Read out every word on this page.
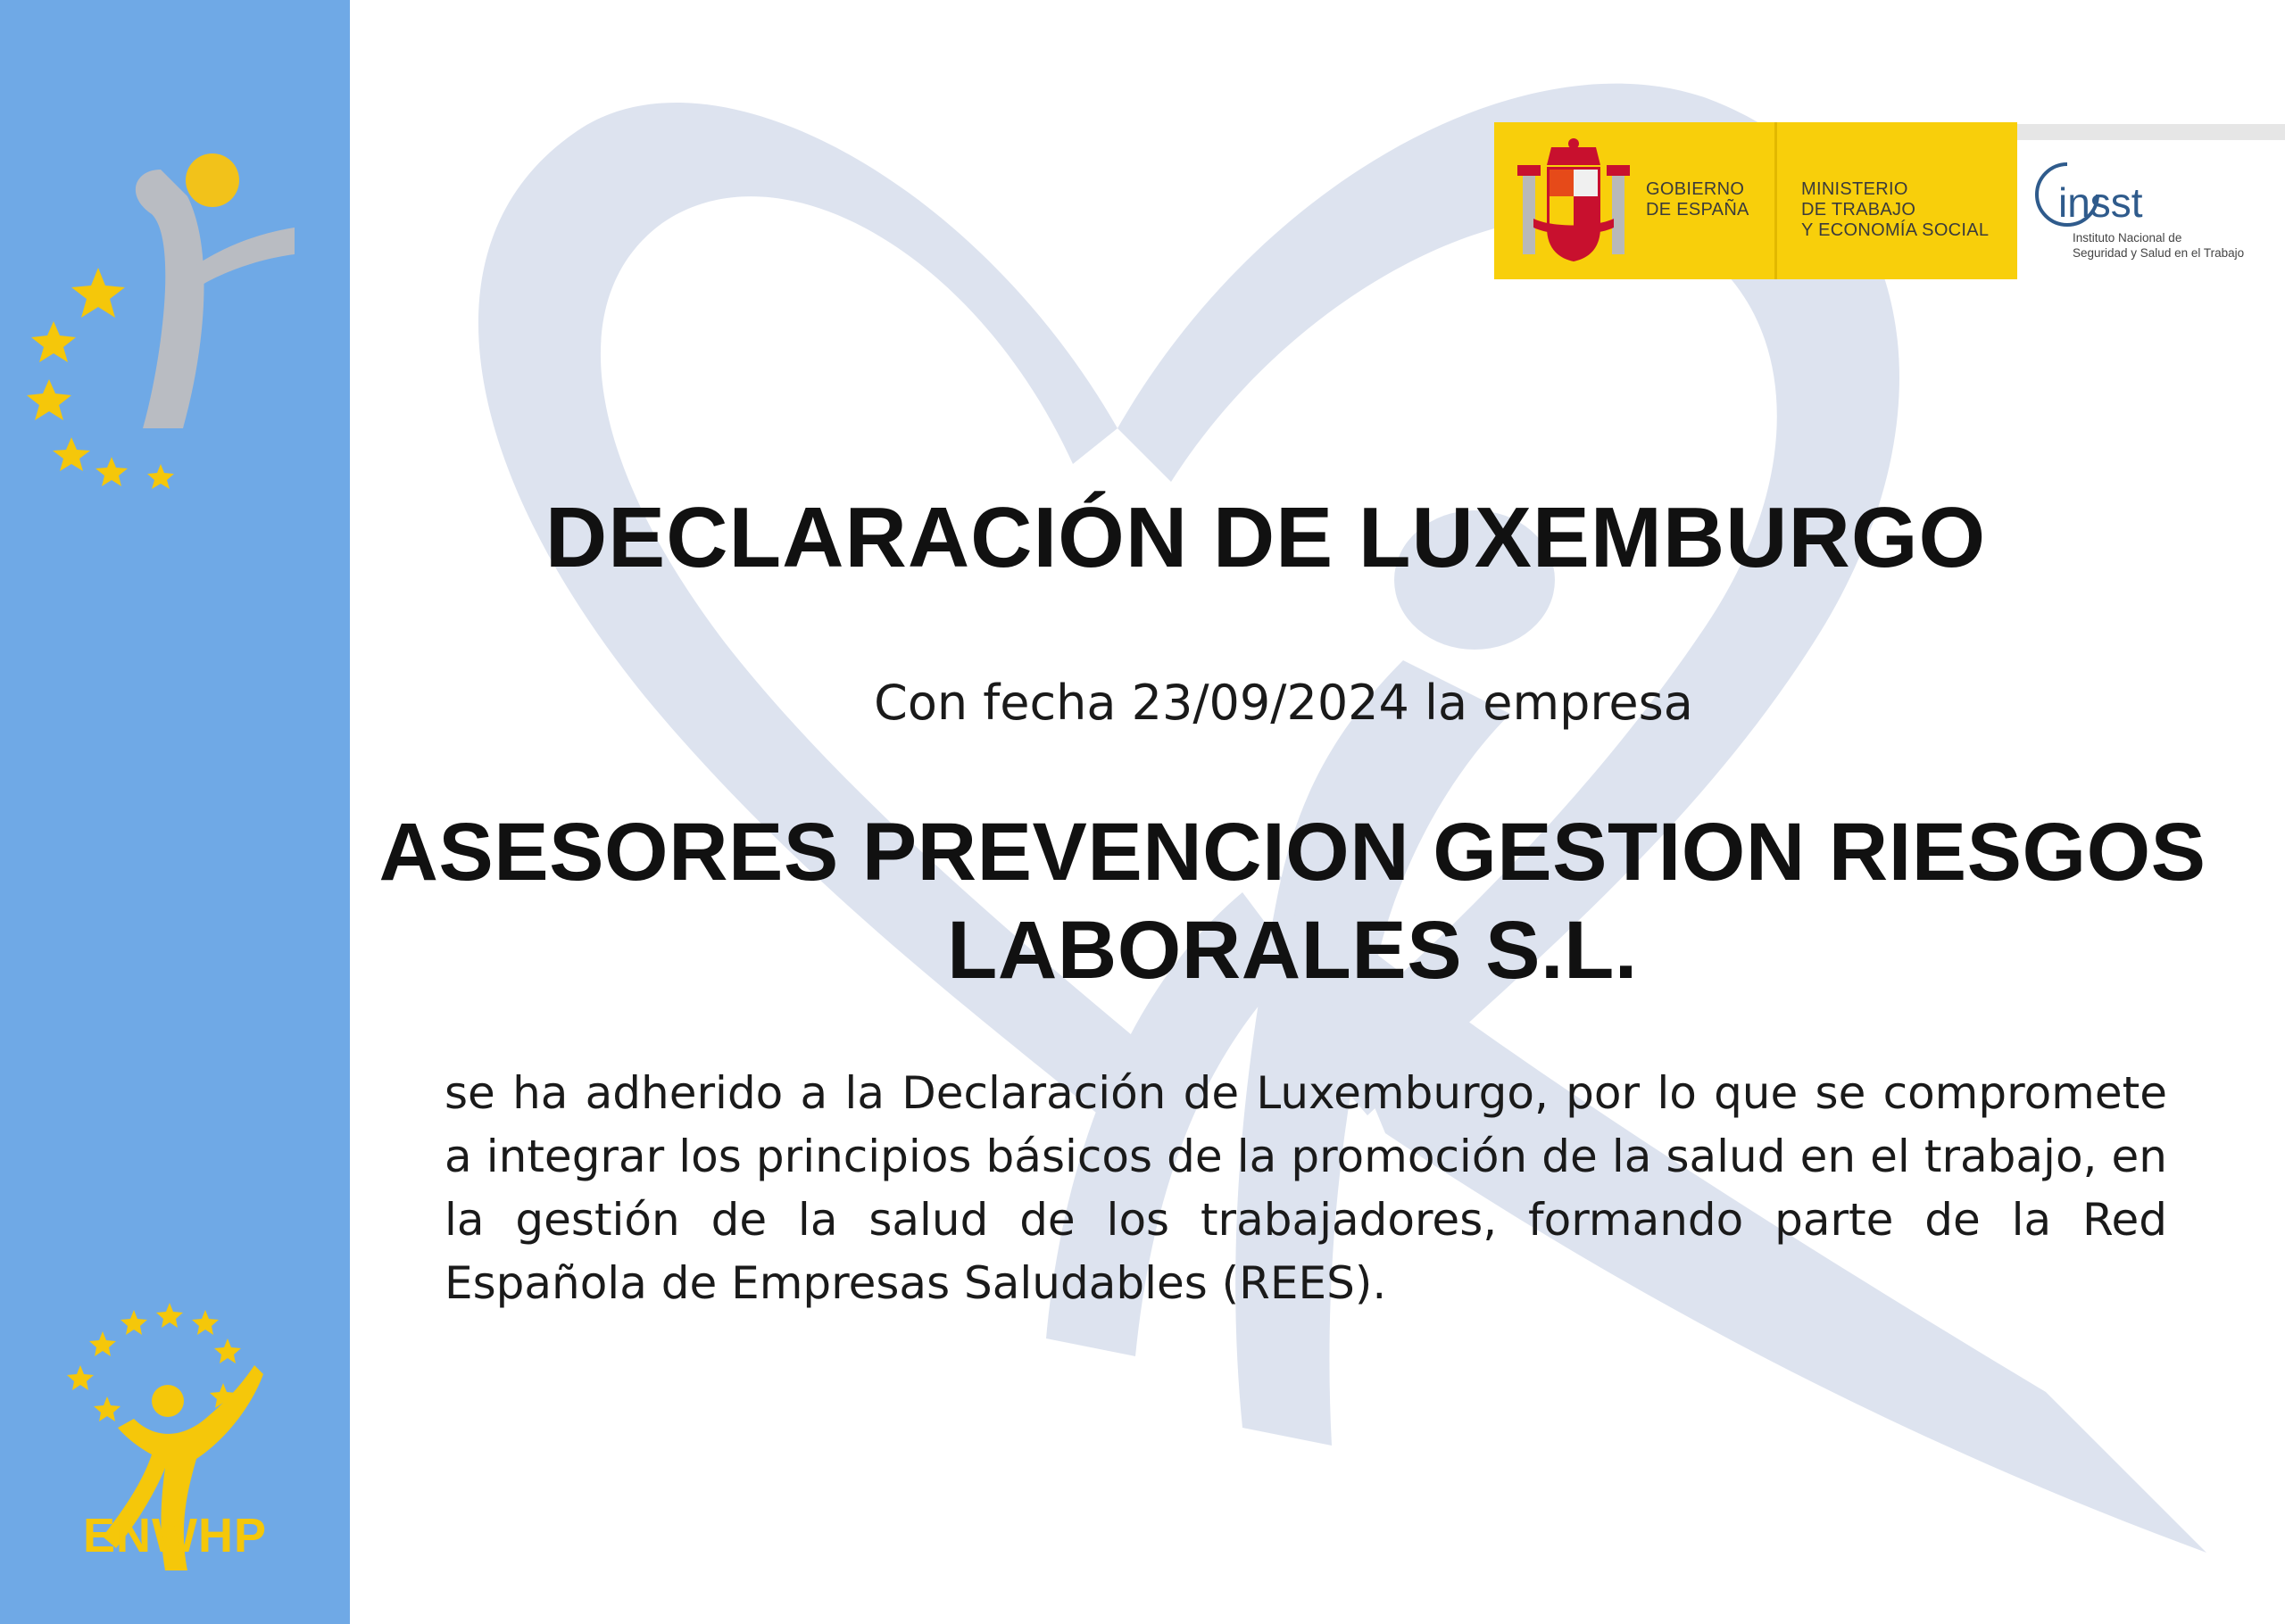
ENWHP
GOBIERNO
DE ESPAÑA
MINISTERIO
DE TRABAJO
Y ECONOMÍA SOCIAL
insst
Instituto Nacional de
Seguridad y Salud en el Trabajo
DECLARACIÓN DE LUXEMBURGO
Con fecha 23/09/2024 la empresa
ASESORES PREVENCION GESTION RIESGOS LABORALES S.L.
se ha adherido a la Declaración de Luxemburgo, por lo que se compromete a integrar los principios básicos de la promoción de la salud en el trabajo, en la gestión de la salud de los trabajadores, formando parte de la Red Española de Empresas Saludables (REES).
